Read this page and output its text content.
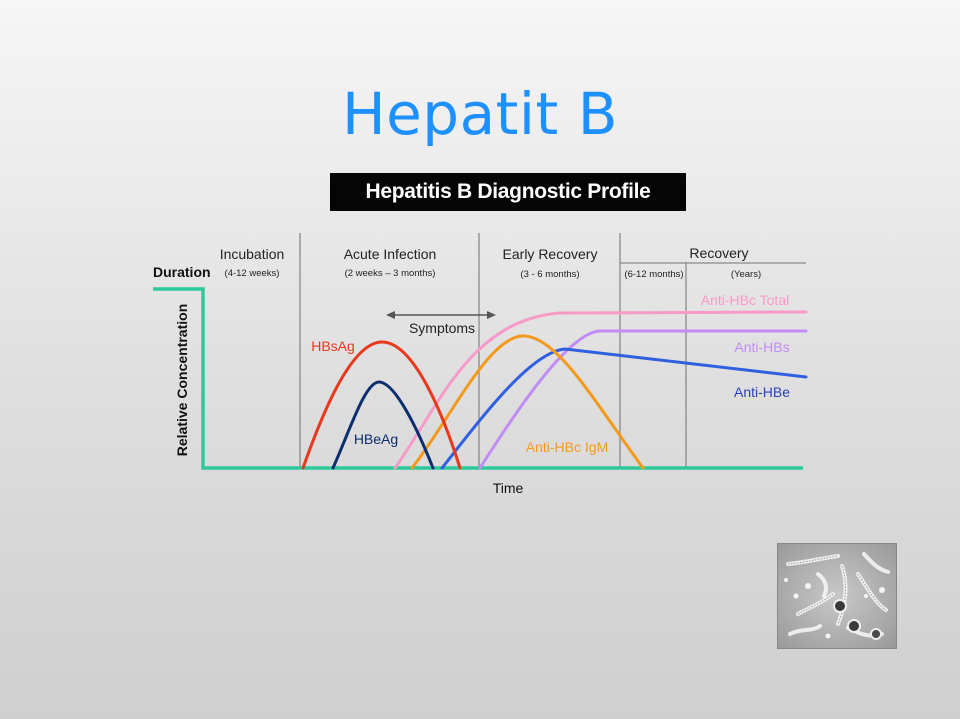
Hepatit B
Hepatitis B Diagnostic Profile
Duration
Incubation
(4-12 weeks)
Acute Infection
(2 weeks – 3 months)
Early Recovery
(3 - 6 months)	(6-12 months)
Recovery
(Years)
Relative Concentration
Time
Symptoms
HBsAg
HBeAg	Anti-HBc IgM
Anti-HBe
Anti-HBs
Anti-HBc Total
